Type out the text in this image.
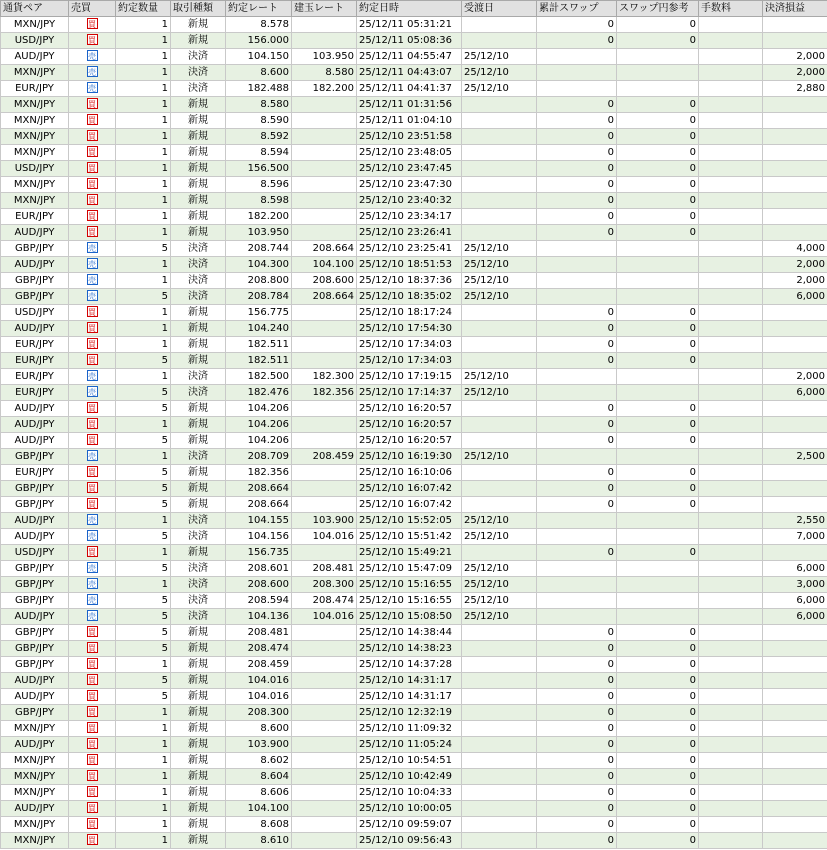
通貨ペア	売買	約定数量	取引種類	約定レート	建玉レート	約定日時	受渡日	累計スワップ	スワップ円参考	手数料	決済損益
MXN/JPY	買	1	新規	8.578		25/12/11 05:31:21		0	0		
USD/JPY	買	1	新規	156.000		25/12/11 05:08:36		0	0		
AUD/JPY	売	1	決済	104.150	103.950	25/12/11 04:55:47	25/12/10				2,000
MXN/JPY	売	1	決済	8.600	8.580	25/12/11 04:43:07	25/12/10				2,000
EUR/JPY	売	1	決済	182.488	182.200	25/12/11 04:41:37	25/12/10				2,880
MXN/JPY	買	1	新規	8.580		25/12/11 01:31:56		0	0		
MXN/JPY	買	1	新規	8.590		25/12/11 01:04:10		0	0		
MXN/JPY	買	1	新規	8.592		25/12/10 23:51:58		0	0		
MXN/JPY	買	1	新規	8.594		25/12/10 23:48:05		0	0		
USD/JPY	買	1	新規	156.500		25/12/10 23:47:45		0	0		
MXN/JPY	買	1	新規	8.596		25/12/10 23:47:30		0	0		
MXN/JPY	買	1	新規	8.598		25/12/10 23:40:32		0	0		
EUR/JPY	買	1	新規	182.200		25/12/10 23:34:17		0	0		
AUD/JPY	買	1	新規	103.950		25/12/10 23:26:41		0	0		
GBP/JPY	売	5	決済	208.744	208.664	25/12/10 23:25:41	25/12/10				4,000
AUD/JPY	売	1	決済	104.300	104.100	25/12/10 18:51:53	25/12/10				2,000
GBP/JPY	売	1	決済	208.800	208.600	25/12/10 18:37:36	25/12/10				2,000
GBP/JPY	売	5	決済	208.784	208.664	25/12/10 18:35:02	25/12/10				6,000
USD/JPY	買	1	新規	156.775		25/12/10 18:17:24		0	0		
AUD/JPY	買	1	新規	104.240		25/12/10 17:54:30		0	0		
EUR/JPY	買	1	新規	182.511		25/12/10 17:34:03		0	0		
EUR/JPY	買	5	新規	182.511		25/12/10 17:34:03		0	0		
EUR/JPY	売	1	決済	182.500	182.300	25/12/10 17:19:15	25/12/10				2,000
EUR/JPY	売	5	決済	182.476	182.356	25/12/10 17:14:37	25/12/10				6,000
AUD/JPY	買	5	新規	104.206		25/12/10 16:20:57		0	0		
AUD/JPY	買	1	新規	104.206		25/12/10 16:20:57		0	0		
AUD/JPY	買	5	新規	104.206		25/12/10 16:20:57		0	0		
GBP/JPY	売	1	決済	208.709	208.459	25/12/10 16:19:30	25/12/10				2,500
EUR/JPY	買	5	新規	182.356		25/12/10 16:10:06		0	0		
GBP/JPY	買	5	新規	208.664		25/12/10 16:07:42		0	0		
GBP/JPY	買	5	新規	208.664		25/12/10 16:07:42		0	0		
AUD/JPY	売	1	決済	104.155	103.900	25/12/10 15:52:05	25/12/10				2,550
AUD/JPY	売	5	決済	104.156	104.016	25/12/10 15:51:42	25/12/10				7,000
USD/JPY	買	1	新規	156.735		25/12/10 15:49:21		0	0		
GBP/JPY	売	5	決済	208.601	208.481	25/12/10 15:47:09	25/12/10				6,000
GBP/JPY	売	1	決済	208.600	208.300	25/12/10 15:16:55	25/12/10				3,000
GBP/JPY	売	5	決済	208.594	208.474	25/12/10 15:16:55	25/12/10				6,000
AUD/JPY	売	5	決済	104.136	104.016	25/12/10 15:08:50	25/12/10				6,000
GBP/JPY	買	5	新規	208.481		25/12/10 14:38:44		0	0		
GBP/JPY	買	5	新規	208.474		25/12/10 14:38:23		0	0		
GBP/JPY	買	1	新規	208.459		25/12/10 14:37:28		0	0		
AUD/JPY	買	5	新規	104.016		25/12/10 14:31:17		0	0		
AUD/JPY	買	5	新規	104.016		25/12/10 14:31:17		0	0		
GBP/JPY	買	1	新規	208.300		25/12/10 12:32:19		0	0		
MXN/JPY	買	1	新規	8.600		25/12/10 11:09:32		0	0		
AUD/JPY	買	1	新規	103.900		25/12/10 11:05:24		0	0		
MXN/JPY	買	1	新規	8.602		25/12/10 10:54:51		0	0		
MXN/JPY	買	1	新規	8.604		25/12/10 10:42:49		0	0		
MXN/JPY	買	1	新規	8.606		25/12/10 10:04:33		0	0		
AUD/JPY	買	1	新規	104.100		25/12/10 10:00:05		0	0		
MXN/JPY	買	1	新規	8.608		25/12/10 09:59:07		0	0		
MXN/JPY	買	1	新規	8.610		25/12/10 09:56:43		0	0		
